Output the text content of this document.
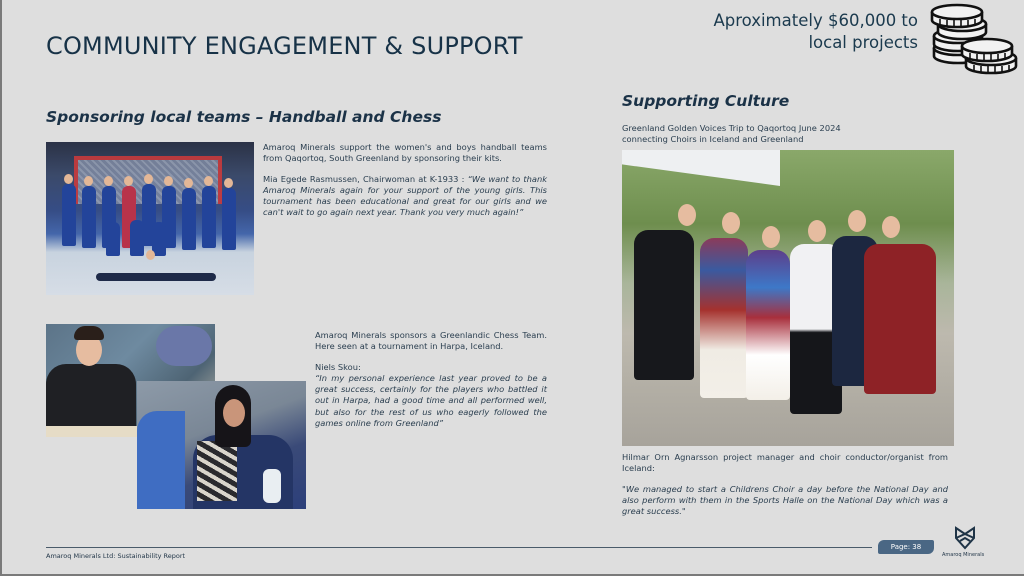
COMMUNITY ENGAGEMENT & SUPPORT
Aproximately $60,000 to
local projects
Sponsoring local teams – Handball and Chess

Amaroq Minerals support the women's and boys handball teams from Qaqortoq, South Greenland by sponsoring their kits.

Mia Egede Rasmussen, Chairwoman at K-1933 : “We want to thank Amaroq Minerals again for your support of the young girls. This tournament has been educational and great for our girls and we can't wait to go again next year. Thank you very much again!”

Amaroq Minerals sponsors a Greenlandic Chess Team. Here seen at a tournament in Harpa, Iceland.

Niels Skou:
“In my personal experience last year proved to be a great success, certainly for the players who battled it out in Harpa, had a good time and all performed well, but also for the rest of us who eagerly followed the games online from Greenland”
Supporting Culture
Greenland Golden Voices Trip to Qaqortoq June 2024
connecting Choirs in Iceland and Greenland

Hilmar Orn Agnarsson project manager and choir conductor/organist from Iceland:

"We managed to start a Childrens Choir a day before the National Day and also perform with them in the Sports Halle on the National Day which was a great success."
Amaroq Minerals Ltd: Sustainability Report
Page: 38
Amaroq Minerals
